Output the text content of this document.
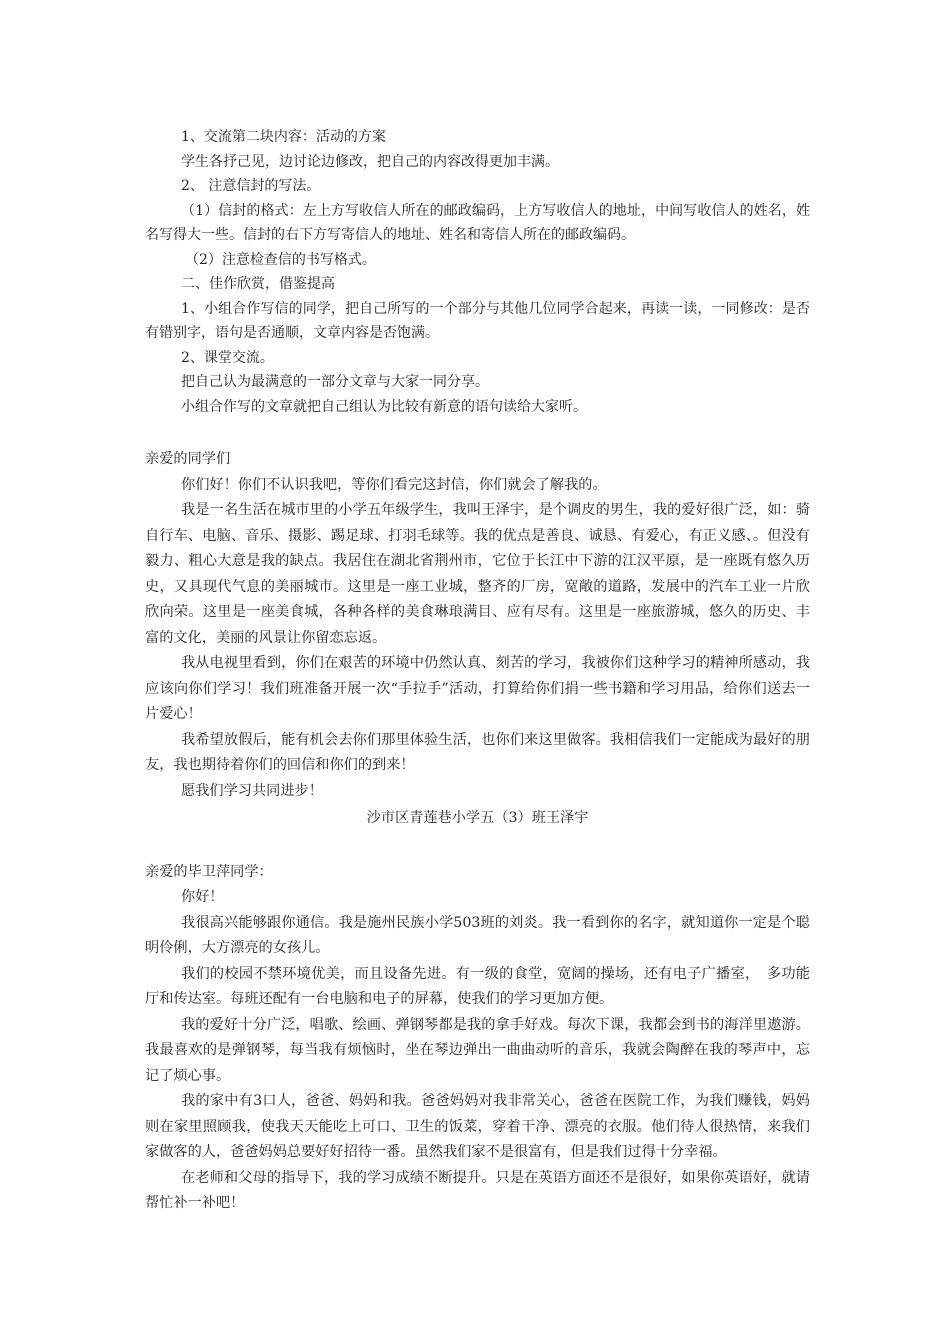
1、交流第二块内容：活动的方案

学生各抒己见，边讨论边修改，把自己的内容改得更加丰满。

2、 注意信封的写法。

（1）信封的格式：左上方写收信人所在的邮政编码，上方写收信人的地址，中间写收信人的姓名，姓名写得大一些。信封的右下方写寄信人的地址、姓名和寄信人所在的邮政编码。

（2）注意检查信的书写格式。

二、佳作欣赏，借鉴提高

1、小组合作写信的同学，把自己所写的一个部分与其他几位同学合起来，再读一读，一同修改：是否有错别字，语句是否通顺，文章内容是否饱满。

2、课堂交流。

把自己认为最满意的一部分文章与大家一同分享。

小组合作写的文章就把自己组认为比较有新意的语句读给大家听。

亲爱的同学们

你们好！你们不认识我吧，等你们看完这封信，你们就会了解我的。

我是一名生活在城市里的小学五年级学生，我叫王泽宇，是个调皮的男生，我的爱好很广泛，如：骑自行车、电脑、音乐、摄影、踢足球、打羽毛球等。我的优点是善良、诚恳、有爱心，有正义感、。但没有毅力、粗心大意是我的缺点。我居住在湖北省荆州市，它位于长江中下游的江汉平原，是一座既有悠久历史，又具现代气息的美丽城市。这里是一座工业城，整齐的厂房，宽敞的道路，发展中的汽车工业一片欣欣向荣。这里是一座美食城，各种各样的美食琳琅满目、应有尽有。这里是一座旅游城，悠久的历史、丰富的文化，美丽的风景让你留恋忘返。

我从电视里看到，你们在艰苦的环境中仍然认真、刻苦的学习，我被你们这种学习的精神所感动，我应该向你们学习！我们班准备开展一次“手拉手”活动，打算给你们捐一些书籍和学习用品，给你们送去一片爱心！

我希望放假后，能有机会去你们那里体验生活，也你们来这里做客。我相信我们一定能成为最好的朋友，我也期待着你们的回信和你们的到来！

愿我们学习共同进步！

沙市区青莲巷小学五（3）班王泽宇

亲爱的毕卫萍同学：

你好！

我很高兴能够跟你通信。我是施州民族小学503班的刘炎。我一看到你的名字，就知道你一定是个聪明伶俐，大方漂亮的女孩儿。

我们的校园不禁环境优美，而且设备先进。有一级的食堂，宽阔的操场，还有电子广播室，　多功能厅和传达室。每班还配有一台电脑和电子的屏幕，使我们的学习更加方便。

我的爱好十分广泛，唱歌、绘画、弹钢琴都是我的拿手好戏。每次下课，我都会到书的海洋里遨游。我最喜欢的是弹钢琴，每当我有烦恼时，坐在琴边弹出一曲曲动听的音乐，我就会陶醉在我的琴声中，忘记了烦心事。

我的家中有3口人，爸爸、妈妈和我。爸爸妈妈对我非常关心，爸爸在医院工作，为我们赚钱，妈妈则在家里照顾我，使我天天能吃上可口、卫生的饭菜，穿着干净、漂亮的衣服。他们待人很热情，来我们家做客的人，爸爸妈妈总要好好招待一番。虽然我们家不是很富有，但是我们过得十分幸福。

在老师和父母的指导下，我的学习成绩不断提升。只是在英语方面还不是很好，如果你英语好，就请帮忙补一补吧！
